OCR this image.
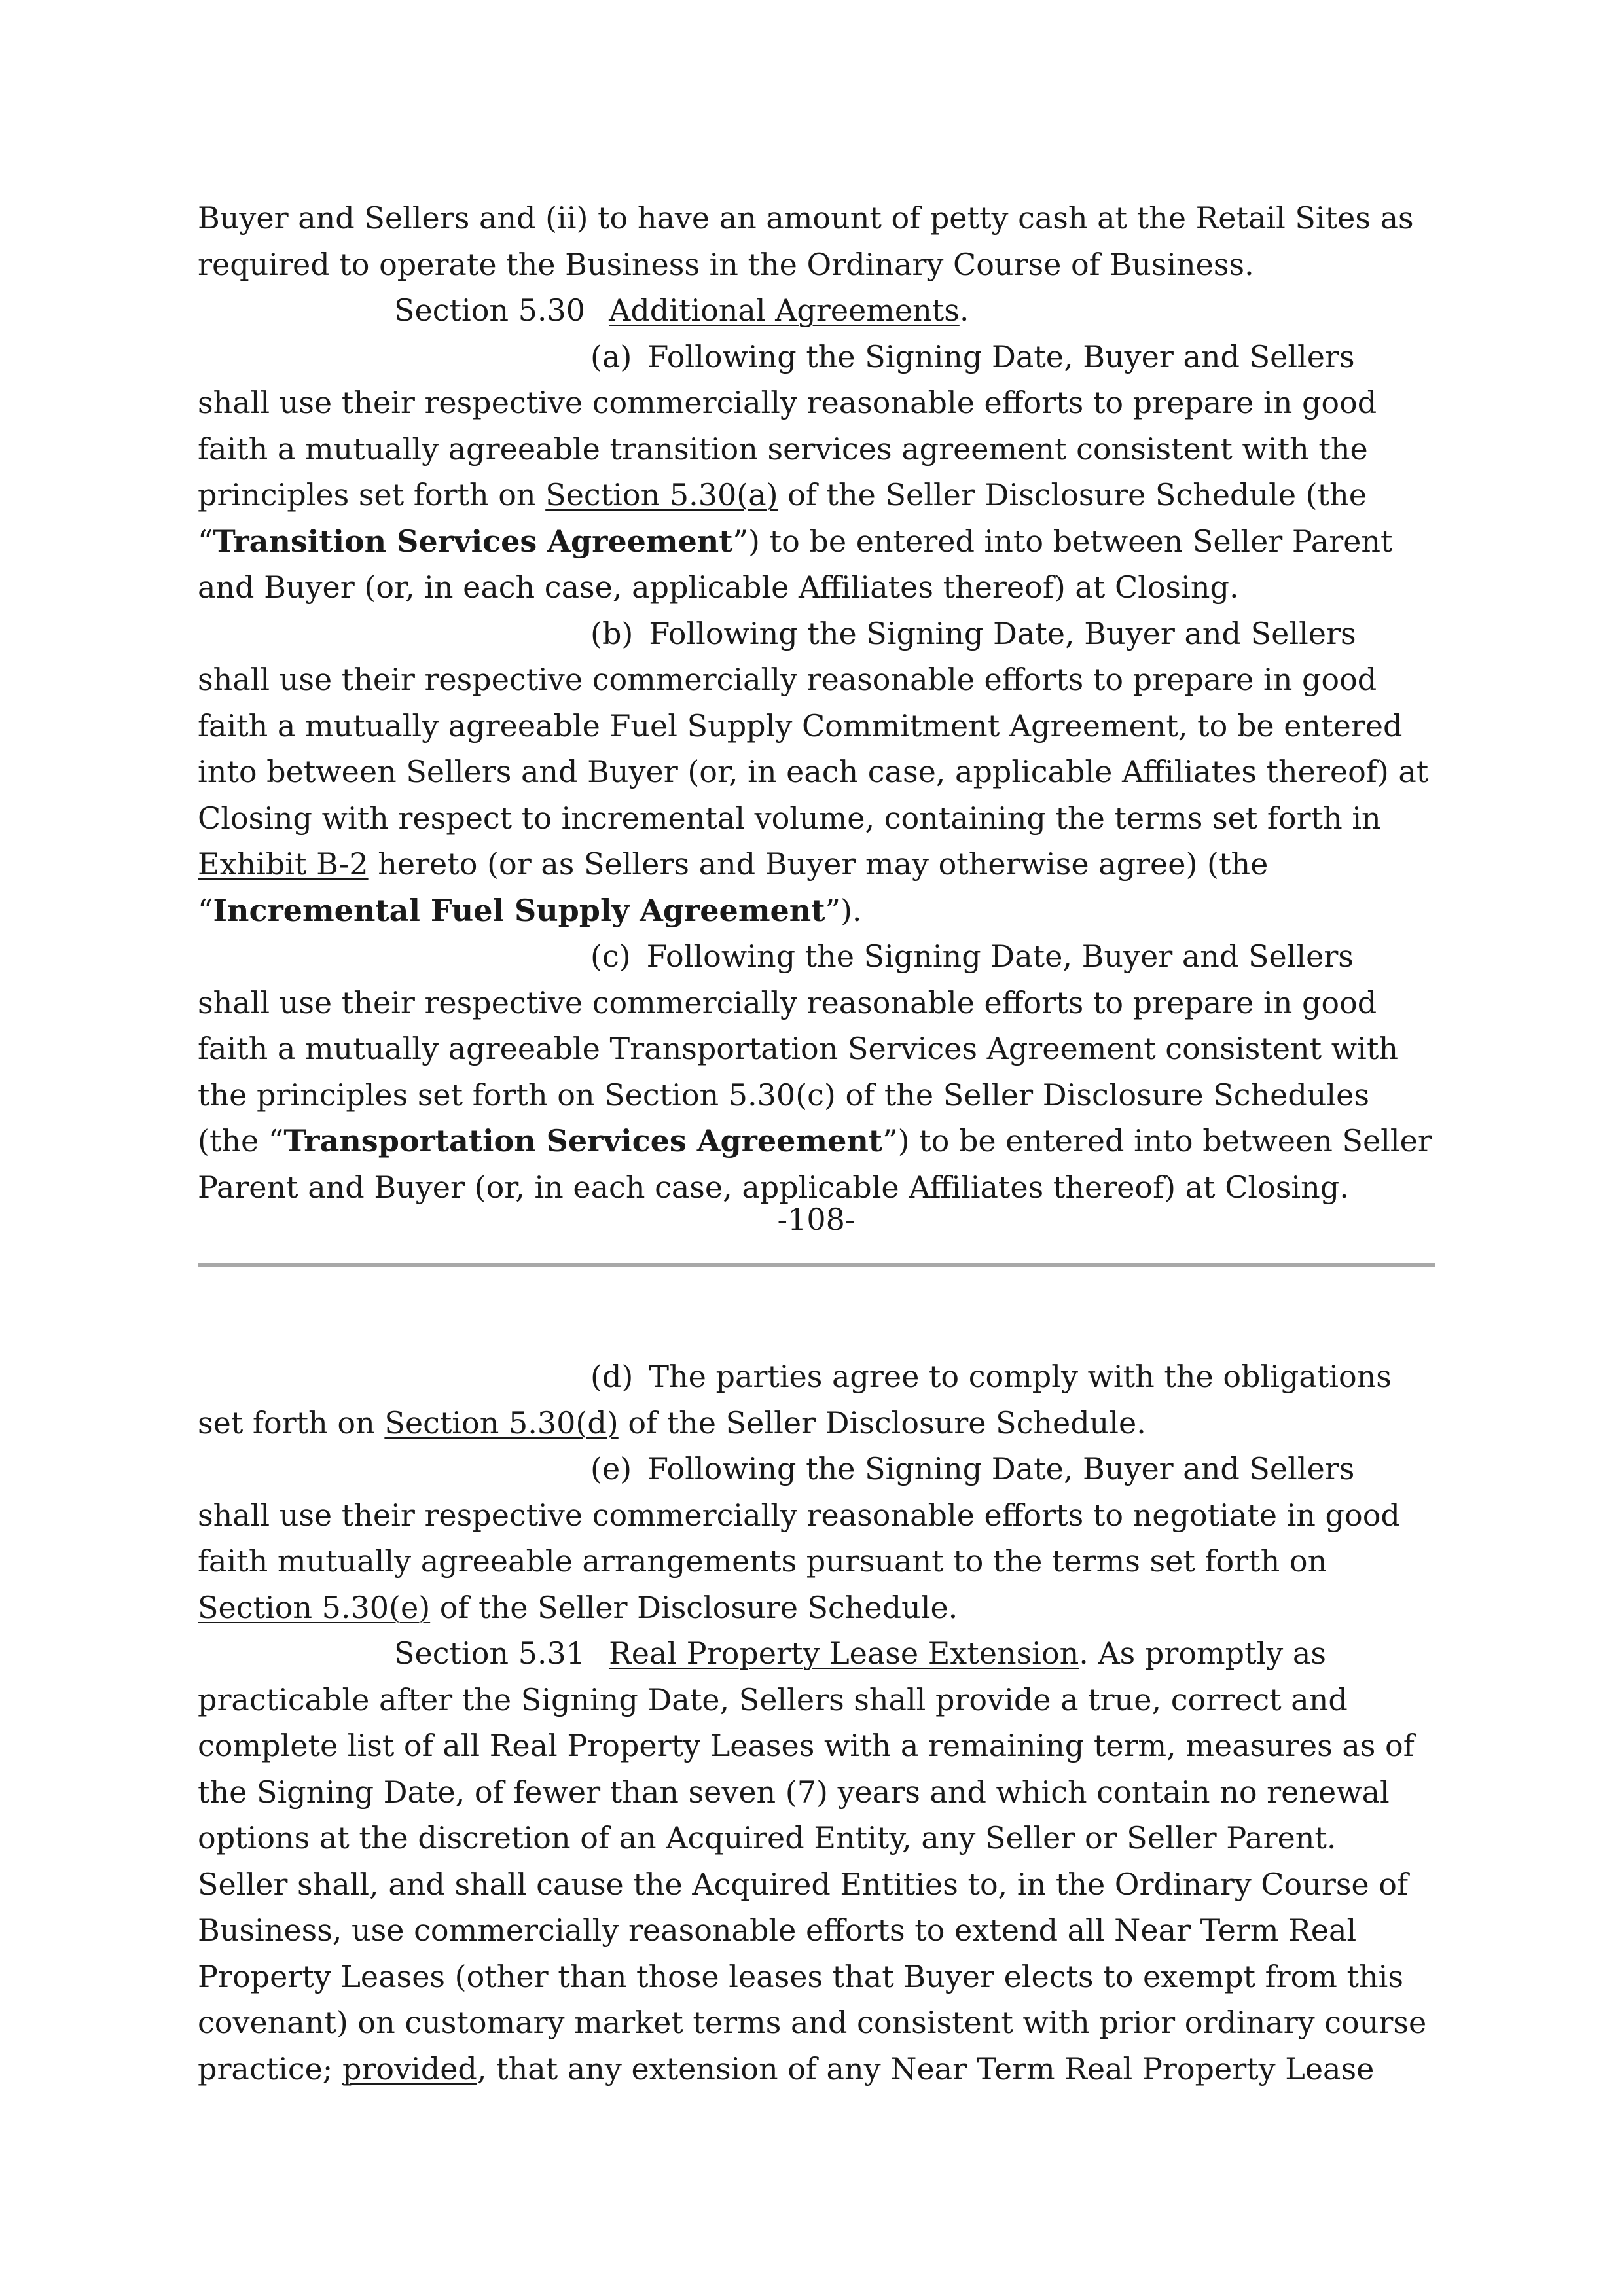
Buyer and Sellers and (ii) to have an amount of petty cash at the Retail Sites as required to operate the Business in the Ordinary Course of Business.

Section 5.30 Additional Agreements.

(a) Following the Signing Date, Buyer and Sellers shall use their respective commercially reasonable efforts to prepare in good faith a mutually agreeable transition services agreement consistent with the principles set forth on Section 5.30(a) of the Seller Disclosure Schedule (the “Transition Services Agreement”) to be entered into between Seller Parent and Buyer (or, in each case, applicable Affiliates thereof) at Closing.

(b) Following the Signing Date, Buyer and Sellers shall use their respective commercially reasonable efforts to prepare in good faith a mutually agreeable Fuel Supply Commitment Agreement, to be entered into between Sellers and Buyer (or, in each case, applicable Affiliates thereof) at Closing with respect to incremental volume, containing the terms set forth in Exhibit B-2 hereto (or as Sellers and Buyer may otherwise agree) (the “Incremental Fuel Supply Agreement”).

(c) Following the Signing Date, Buyer and Sellers shall use their respective commercially reasonable efforts to prepare in good faith a mutually agreeable Transportation Services Agreement consistent with the principles set forth on Section 5.30(c) of the Seller Disclosure Schedules (the “Transportation Services Agreement”) to be entered into between Seller Parent and Buyer (or, in each case, applicable Affiliates thereof) at Closing.

-108-

(d) The parties agree to comply with the obligations set forth on Section 5.30(d) of the Seller Disclosure Schedule.

(e) Following the Signing Date, Buyer and Sellers shall use their respective commercially reasonable efforts to negotiate in good faith mutually agreeable arrangements pursuant to the terms set forth on Section 5.30(e) of the Seller Disclosure Schedule.

Section 5.31 Real Property Lease Extension. As promptly as practicable after the Signing Date, Sellers shall provide a true, correct and complete list of all Real Property Leases with a remaining term, measures as of the Signing Date, of fewer than seven (7) years and which contain no renewal options at the discretion of an Acquired Entity, any Seller or Seller Parent. Seller shall, and shall cause the Acquired Entities to, in the Ordinary Course of Business, use commercially reasonable efforts to extend all Near Term Real Property Leases (other than those leases that Buyer elects to exempt from this covenant) on customary market terms and consistent with prior ordinary course practice; provided, that any extension of any Near Term Real Property Lease
